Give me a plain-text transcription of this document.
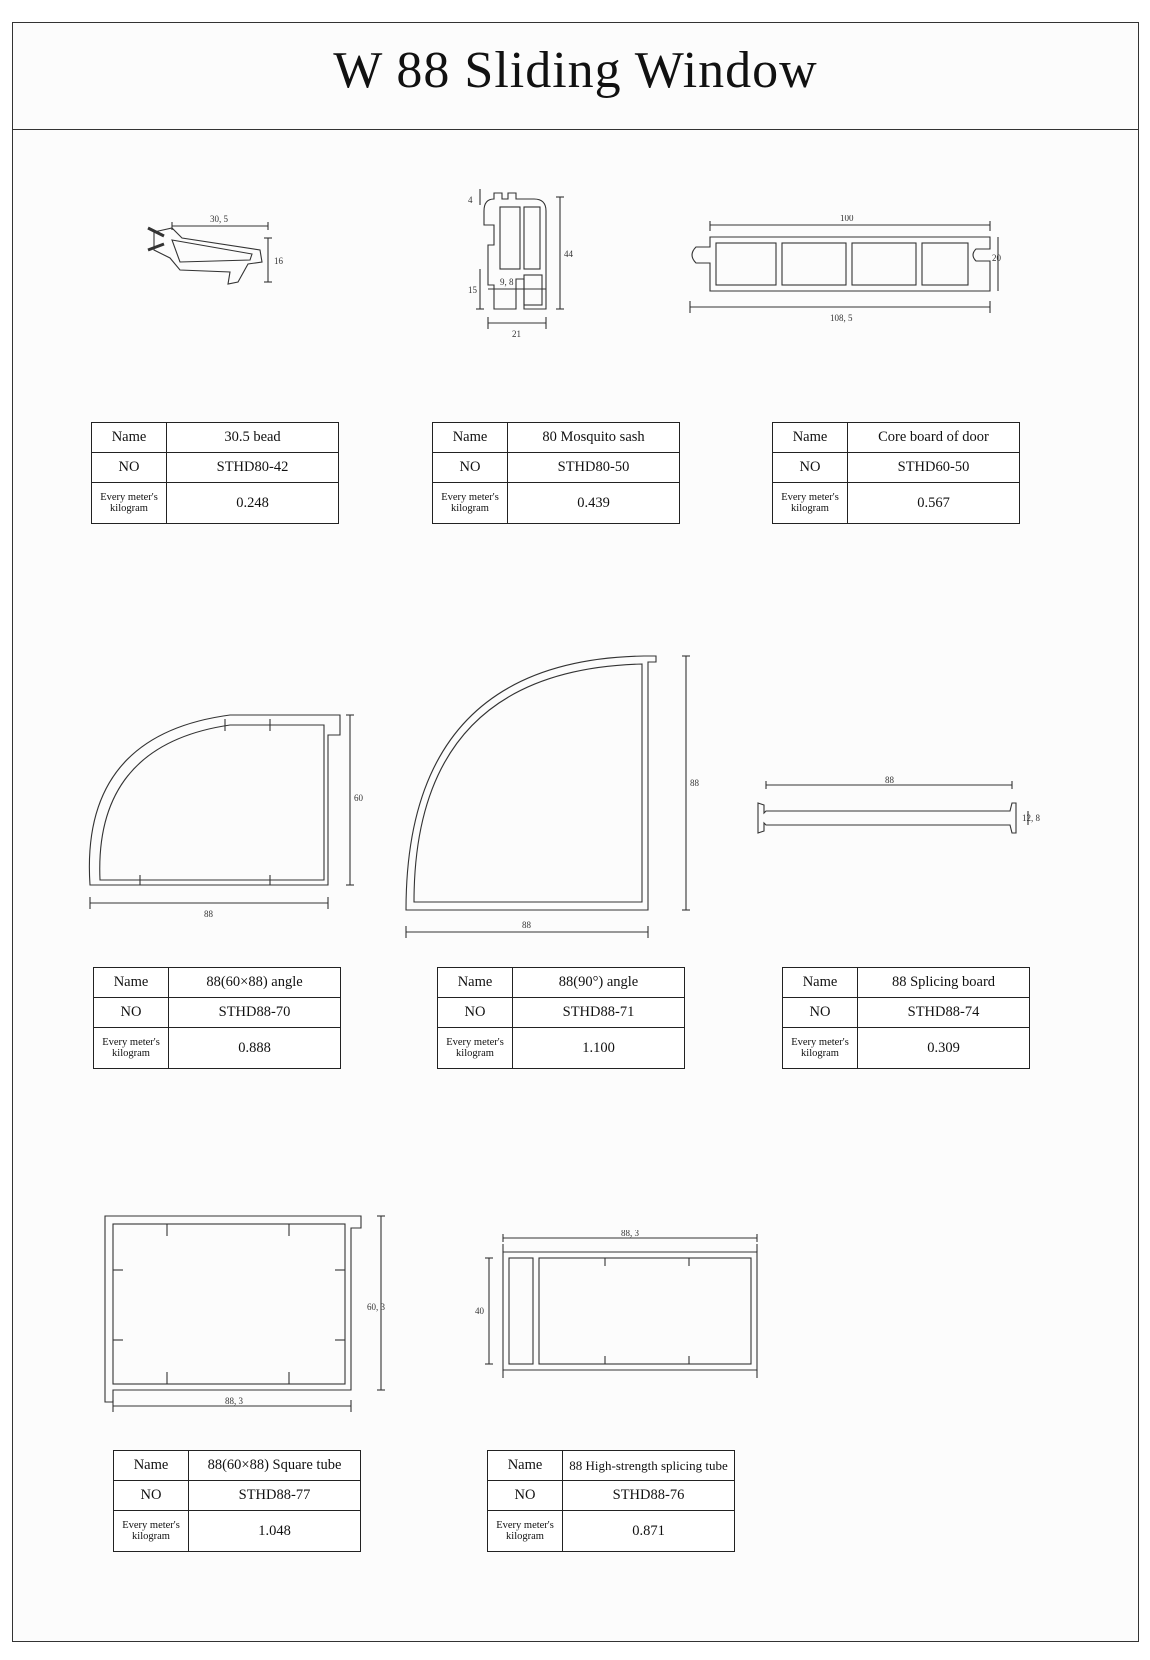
W 88 Sliding Window
30, 5
16
4
44
15
9, 8
21
100
20
108, 5
60
88
88
88
88
12, 8
60, 3
88, 3
88, 3
40
Name	30.5 bead
NO	STHD80-42
Every meter's
kilogram	0.248
Name	80 Mosquito sash
NO	STHD80-50
Every meter's
kilogram	0.439
Name	Core board of door
NO	STHD60-50
Every meter's
kilogram	0.567
Name	88(60×88) angle
NO	STHD88-70
Every meter's
kilogram	0.888
Name	88(90°) angle
NO	STHD88-71
Every meter's
kilogram	1.100
Name	88 Splicing board
NO	STHD88-74
Every meter's
kilogram	0.309
Name	88(60×88) Square tube
NO	STHD88-77
Every meter's
kilogram	1.048
Name	88 High-strength splicing tube
NO	STHD88-76
Every meter's
kilogram	0.871
